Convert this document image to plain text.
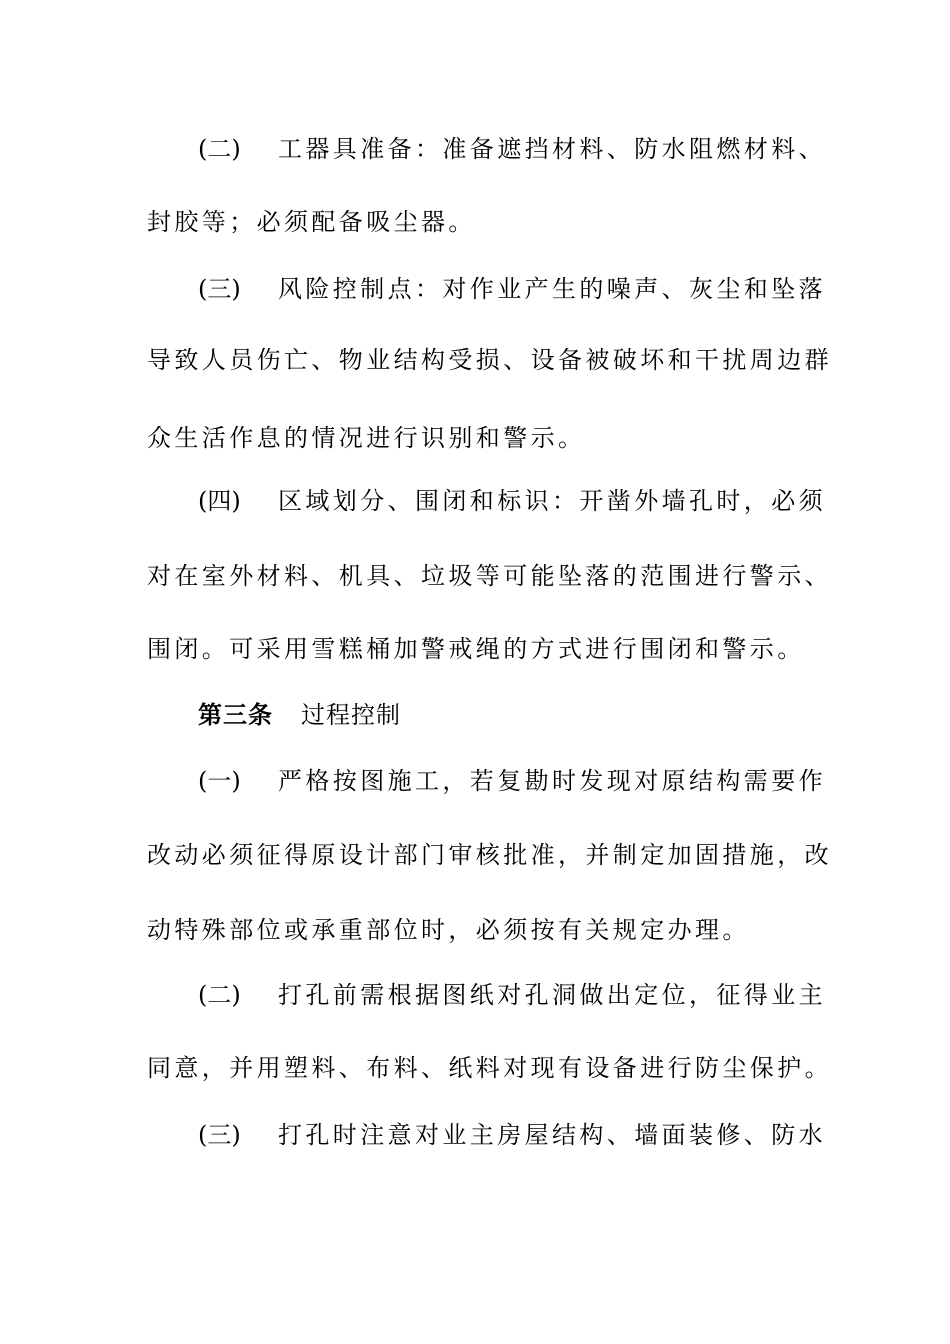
(二) 工器具准备：准备遮挡材料、防水阻燃材料、
封胶等；必须配备吸尘器。
(三) 风险控制点：对作业产生的噪声、灰尘和坠落
导致人员伤亡、物业结构受损、设备被破坏和干扰周边群
众生活作息的情况进行识别和警示。
(四) 区域划分、围闭和标识：开凿外墙孔时，必须
对在室外材料、机具、垃圾等可能坠落的范围进行警示、
围闭。可采用雪糕桶加警戒绳的方式进行围闭和警示。
第三条 过程控制
(一) 严格按图施工，若复勘时发现对原结构需要作
改动必须征得原设计部门审核批准，并制定加固措施，改
动特殊部位或承重部位时，必须按有关规定办理。
(二) 打孔前需根据图纸对孔洞做出定位，征得业主
同意，并用塑料、布料、纸料对现有设备进行防尘保护。
(三) 打孔时注意对业主房屋结构、墙面装修、防水
